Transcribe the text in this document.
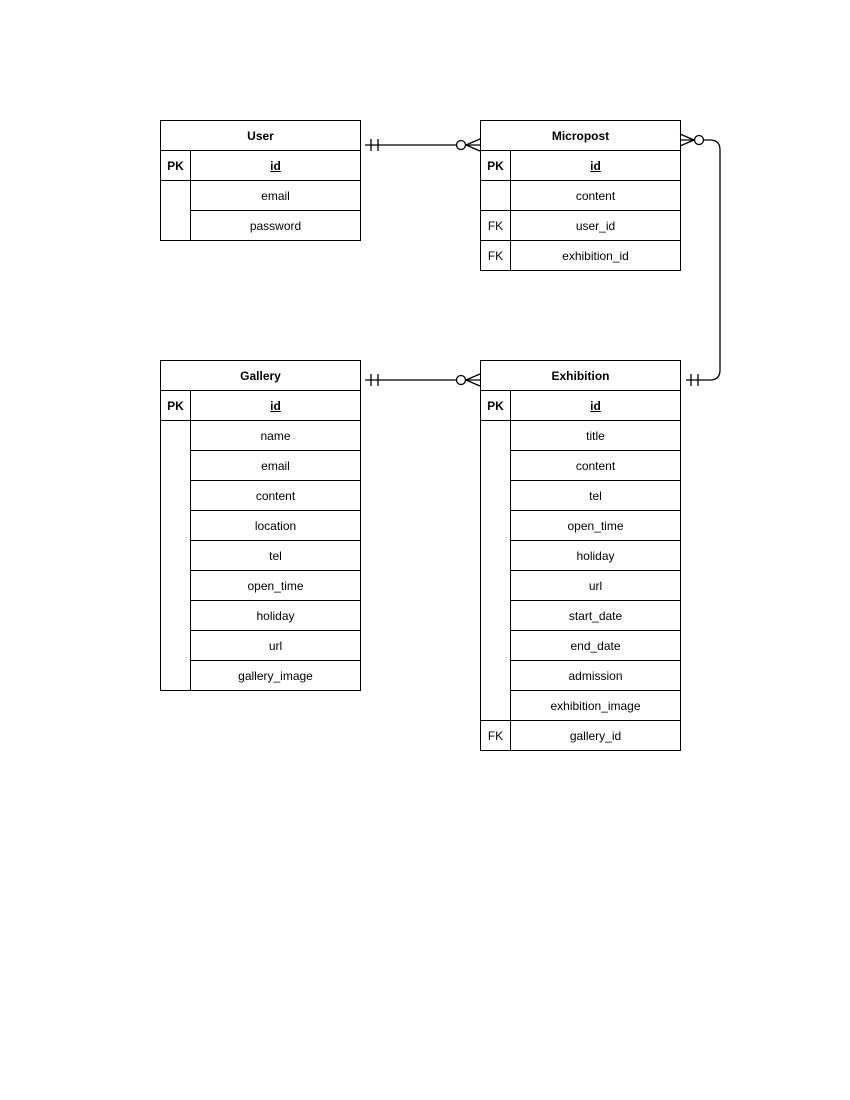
User	
PK	id
	email
	password
Micropost	
PK	id
	content
FK	user_id
FK	exhibition_id
Gallery	
PK	id
	name
	email
	content
	location
	tel
	open_time
	holiday
	url
	gallery_image
Exhibition	
PK	id
	title
	content
	tel
	open_time
	holiday
	url
	start_date
	end_date
	admission
	exhibition_image
FK	gallery_id
